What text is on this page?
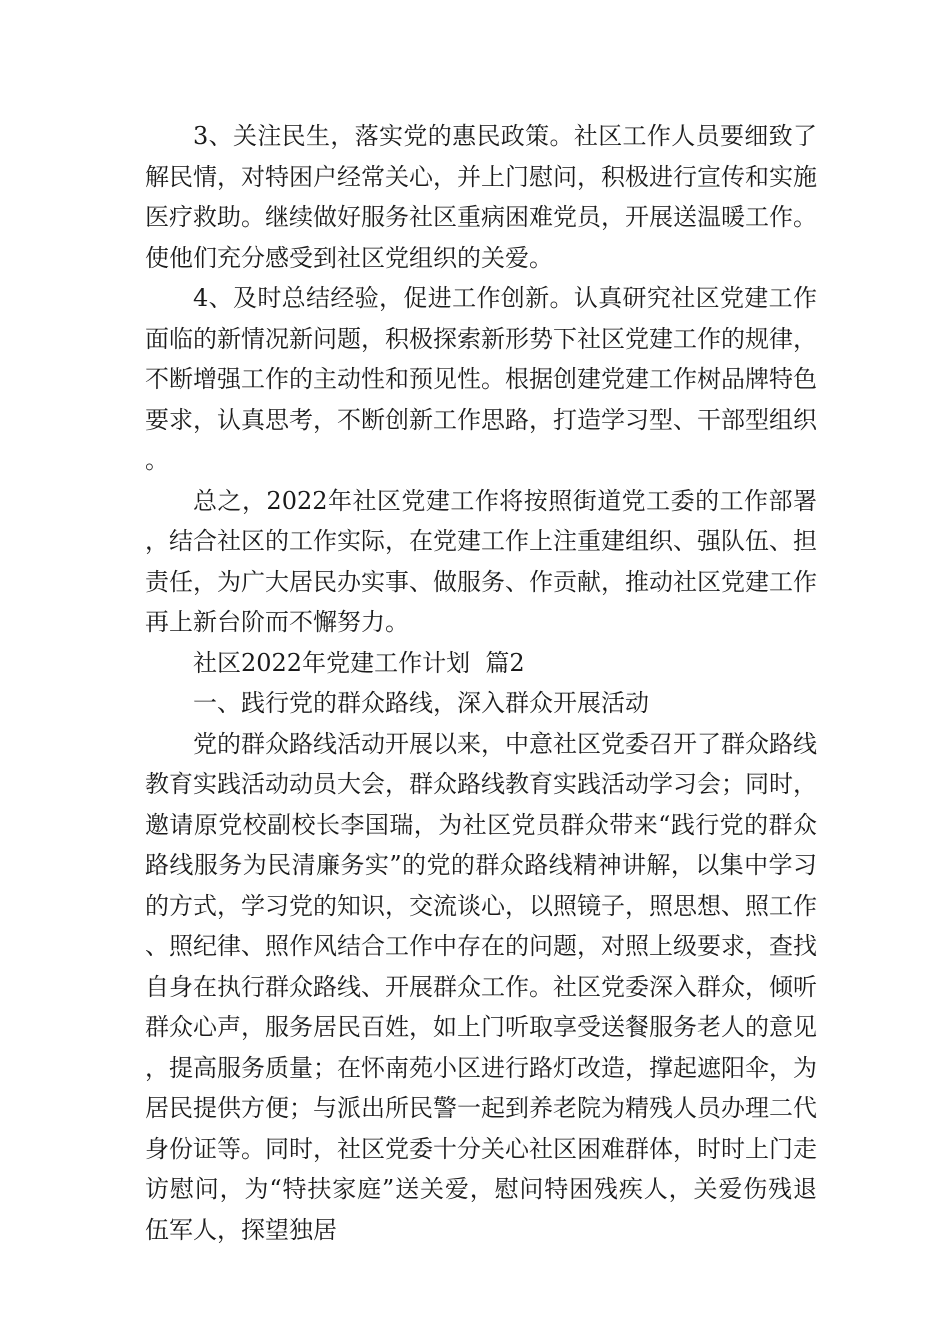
3、关注民生，落实党的惠民政策。社区工作人员要细致了解民情，对特困户经常关心，并上门慰问，积极进行宣传和实施医疗救助。继续做好服务社区重病困难党员，开展送温暖工作。使他们充分感受到社区党组织的关爱。

4、及时总结经验，促进工作创新。认真研究社区党建工作面临的新情况新问题，积极探索新形势下社区党建工作的规律，不断增强工作的主动性和预见性。根据创建党建工作树品牌特色要求，认真思考，不断创新工作思路，打造学习型、干部型组织。

总之，2022年社区党建工作将按照街道党工委的工作部署，结合社区的工作实际，在党建工作上注重建组织、强队伍、担责任，为广大居民办实事、做服务、作贡献，推动社区党建工作再上新台阶而不懈努力。

社区2022年党建工作计划  篇2

一、践行党的群众路线，深入群众开展活动

党的群众路线活动开展以来，中意社区党委召开了群众路线教育实践活动动员大会，群众路线教育实践活动学习会；同时，邀请原党校副校长李国瑞，为社区党员群众带来“践行党的群众路线服务为民清廉务实”的党的群众路线精神讲解，以集中学习的方式，学习党的知识，交流谈心，以照镜子，照思想、照工作、照纪律、照作风结合工作中存在的问题，对照上级要求，查找自身在执行群众路线、开展群众工作。社区党委深入群众，倾听群众心声，服务居民百姓，如上门听取享受送餐服务老人的意见，提高服务质量；在怀南苑小区进行路灯改造，撑起遮阳伞，为居民提供方便；与派出所民警一起到养老院为精残人员办理二代身份证等。同时，社区党委十分关心社区困难群体，时时上门走访慰问，为“特扶家庭”送关爱，慰问特困残疾人，关爱伤残退伍军人，探望独居
